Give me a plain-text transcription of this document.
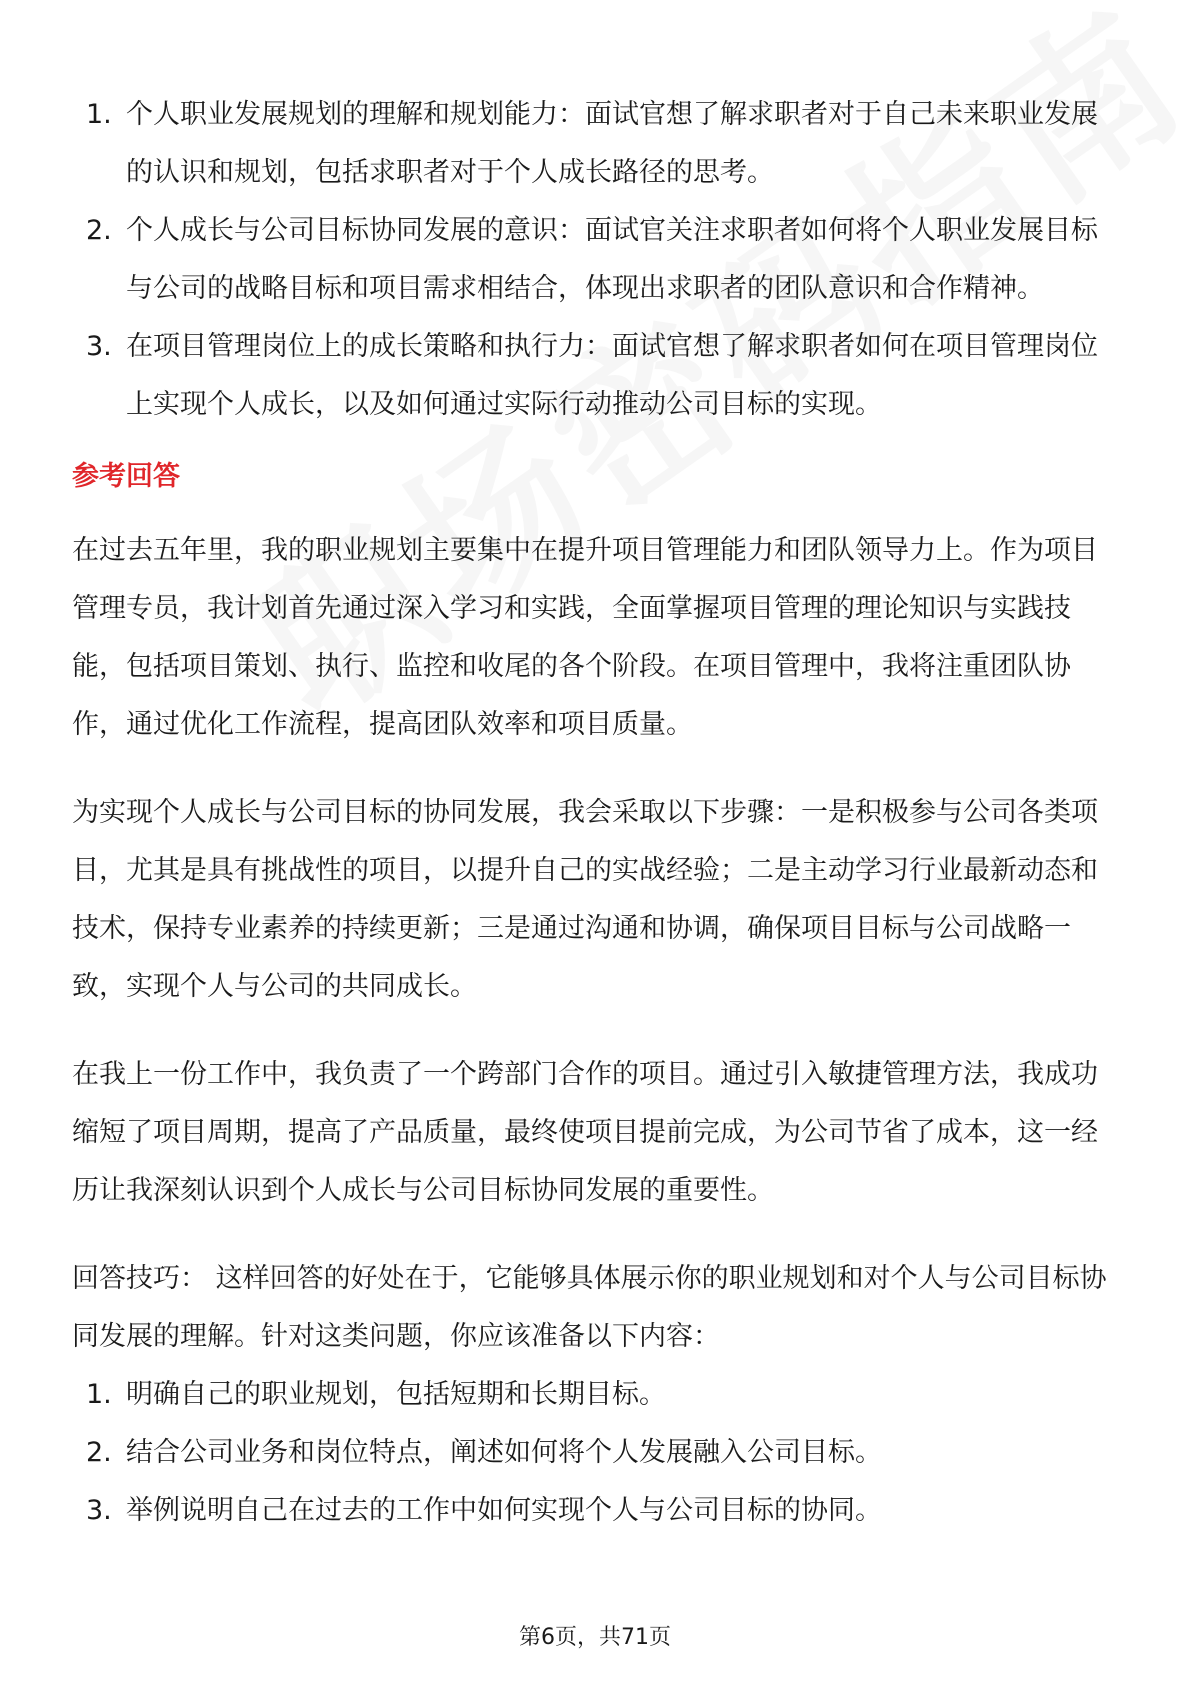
1. 个人职业发展规划的理解和规划能力：面试官想了解求职者对于自己未来职业发展的认识和规划，包括求职者对于个人成长路径的思考。
2. 个人成长与公司目标协同发展的意识：面试官关注求职者如何将个人职业发展目标与公司的战略目标和项目需求相结合，体现出求职者的团队意识和合作精神。
3. 在项目管理岗位上的成长策略和执行力：面试官想了解求职者如何在项目管理岗位上实现个人成长，以及如何通过实际行动推动公司目标的实现。
参考回答

在过去五年里，我的职业规划主要集中在提升项目管理能力和团队领导力上。作为项目管理专员，我计划首先通过深入学习和实践，全面掌握项目管理的理论知识与实践技能，包括项目策划、执行、监控和收尾的各个阶段。在项目管理中，我将注重团队协作，通过优化工作流程，提高团队效率和项目质量。

为实现个人成长与公司目标的协同发展，我会采取以下步骤：一是积极参与公司各类项目，尤其是具有挑战性的项目，以提升自己的实战经验；二是主动学习行业最新动态和技术，保持专业素养的持续更新；三是通过沟通和协调，确保项目目标与公司战略一致，实现个人与公司的共同成长。

在我上一份工作中，我负责了一个跨部门合作的项目。通过引入敏捷管理方法，我成功缩短了项目周期，提高了产品质量，最终使项目提前完成，为公司节省了成本，这一经历让我深刻认识到个人成长与公司目标协同发展的重要性。

回答技巧： 这样回答的好处在于，它能够具体展示你的职业规划和对个人与公司目标协同发展的理解。针对这类问题，你应该准备以下内容：

1. 明确自己的职业规划，包括短期和长期目标。
2. 结合公司业务和岗位特点，阐述如何将个人发展融入公司目标。
3. 举例说明自己在过去的工作中如何实现个人与公司目标的协同。
第6页，共71页
